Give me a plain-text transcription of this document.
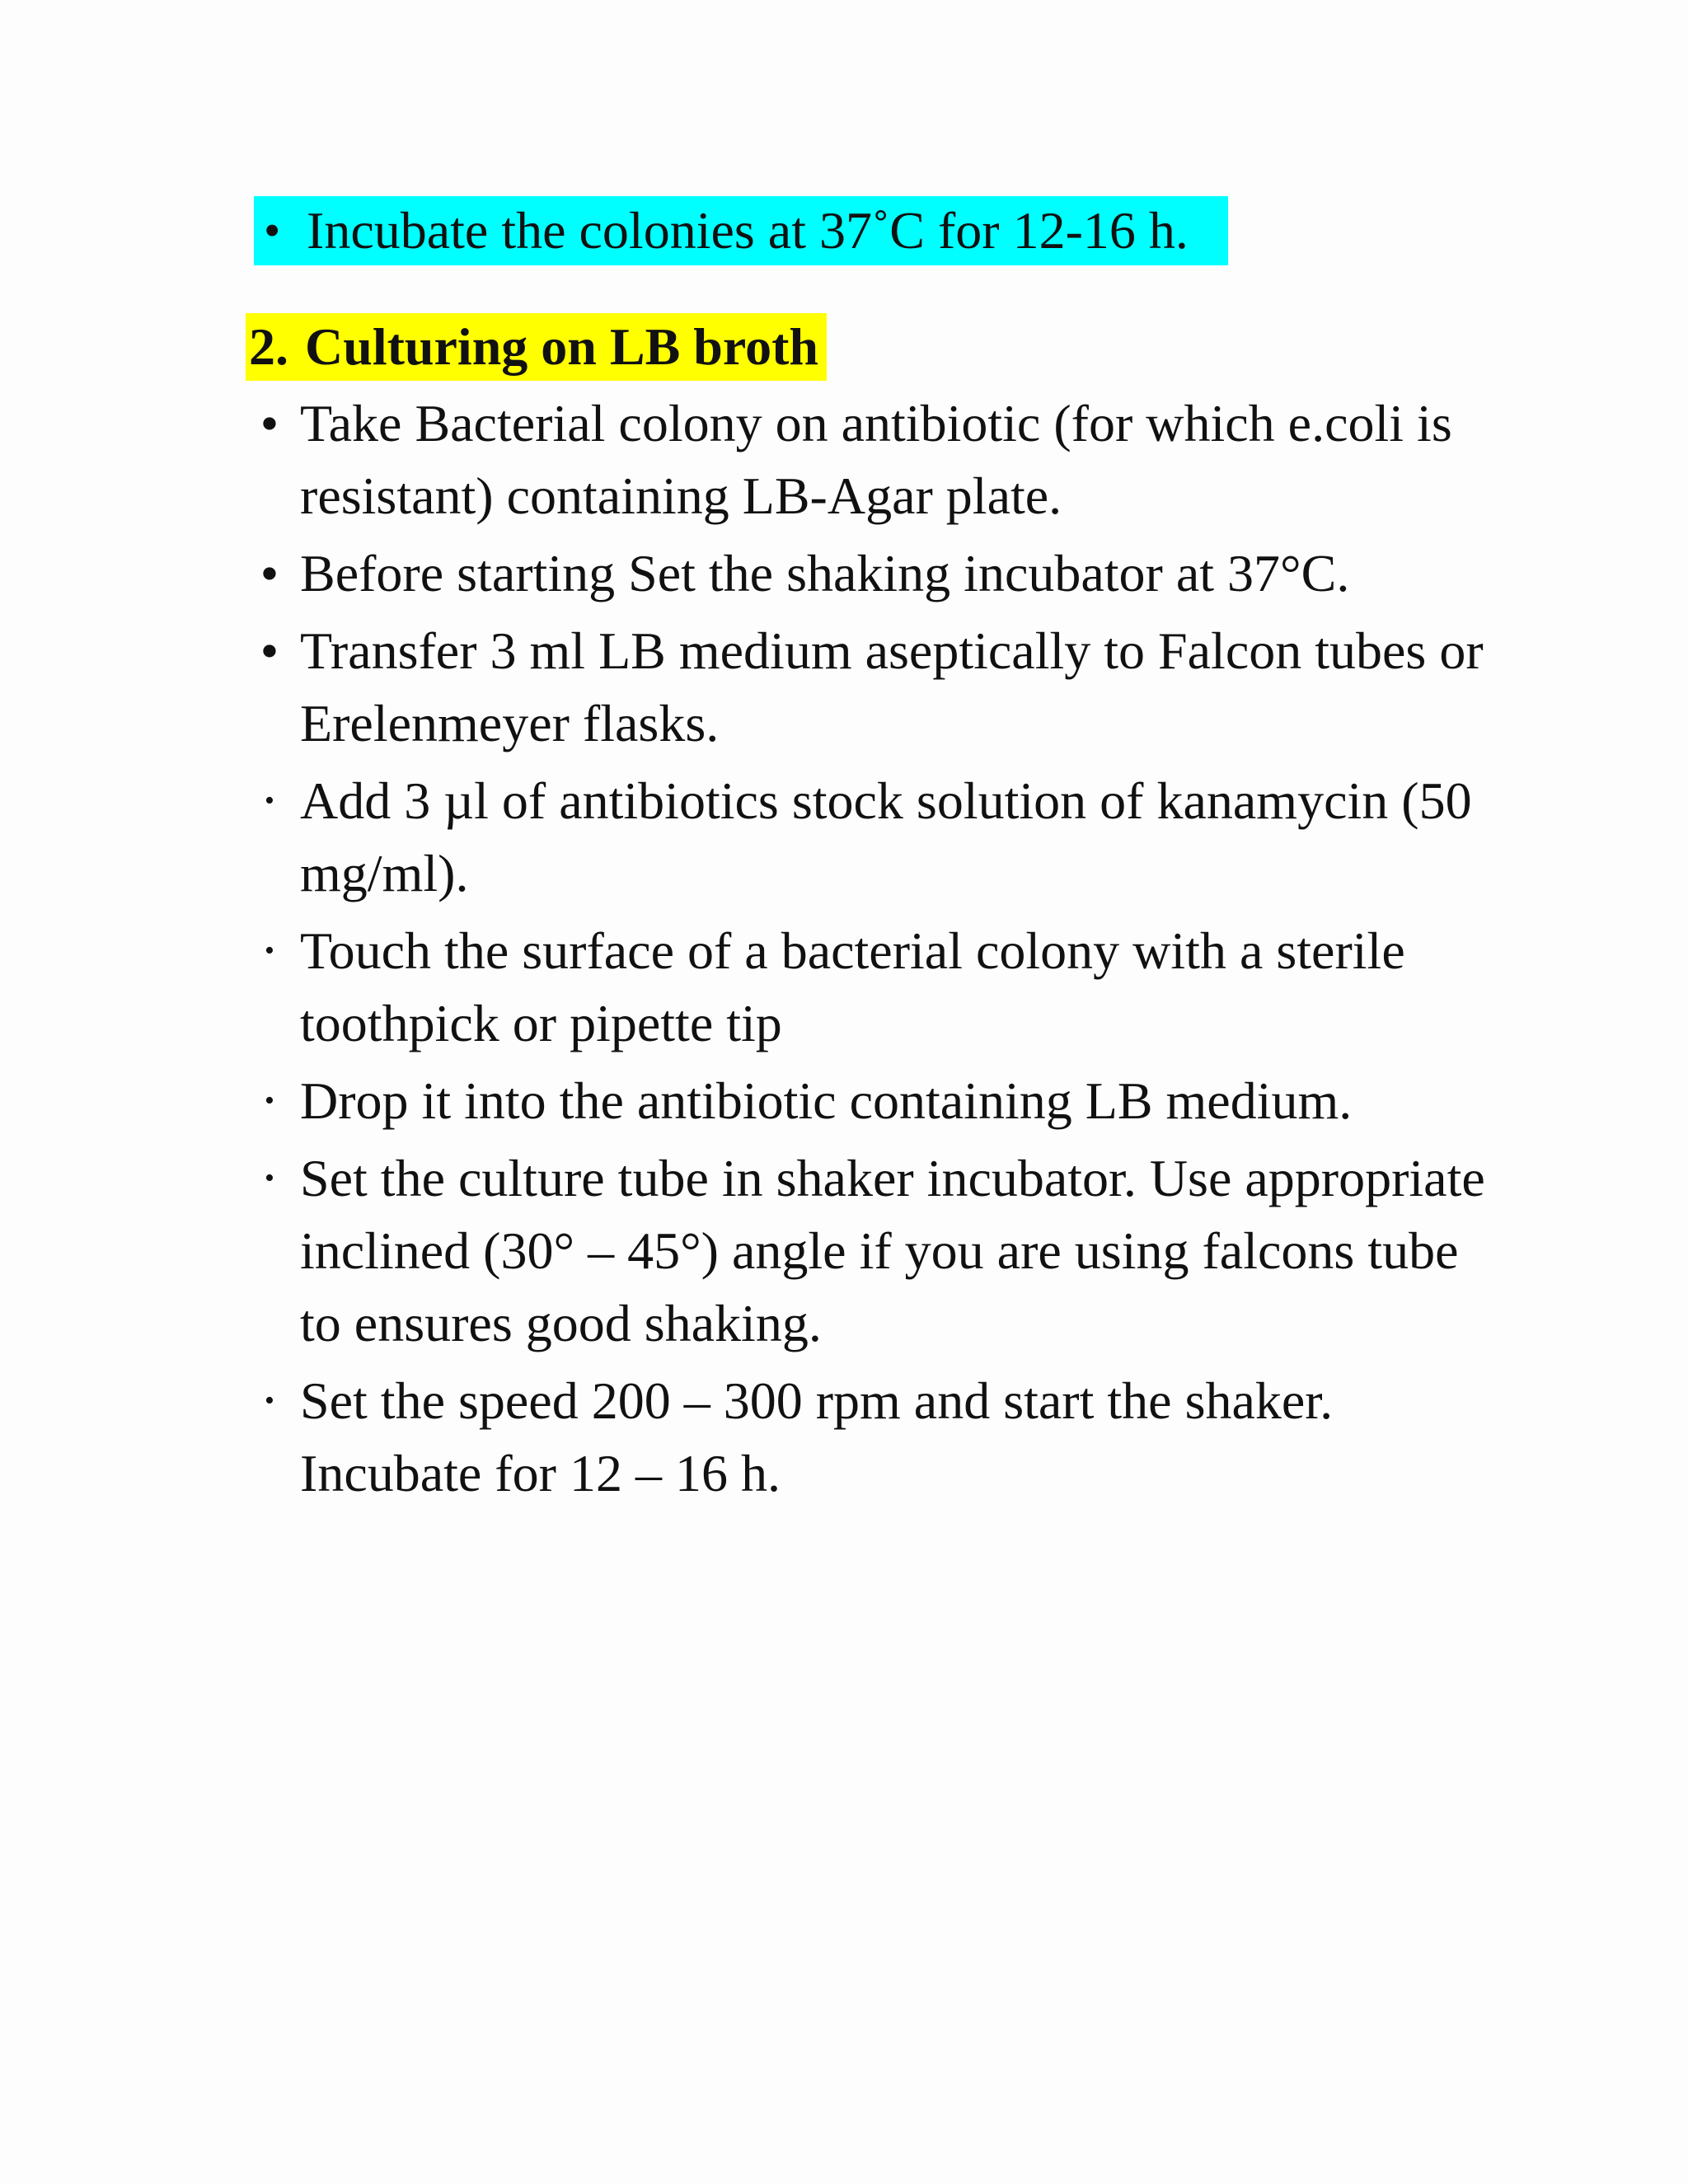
• Incubate the colonies at 37˚C for 12-16 h.
2. Culturing on LB broth
• Take Bacterial colony on antibiotic (for which e.coli is resistant) containing LB-Agar plate.
• Before starting Set the shaking incubator at 37°C.
• Transfer 3 ml LB medium aseptically to Falcon tubes or Erelenmeyer flasks.
• Add 3 µl of antibiotics stock solution of kanamycin (50 mg/ml).
• Touch the surface of a bacterial colony with a sterile toothpick or pipette tip
• Drop it into the antibiotic containing LB medium.
• Set the culture tube in shaker incubator. Use appropriate inclined (30° – 45°) angle if you are using falcons tube to ensures good shaking.
• Set the speed 200 – 300 rpm and start the shaker. Incubate for 12 – 16 h.
